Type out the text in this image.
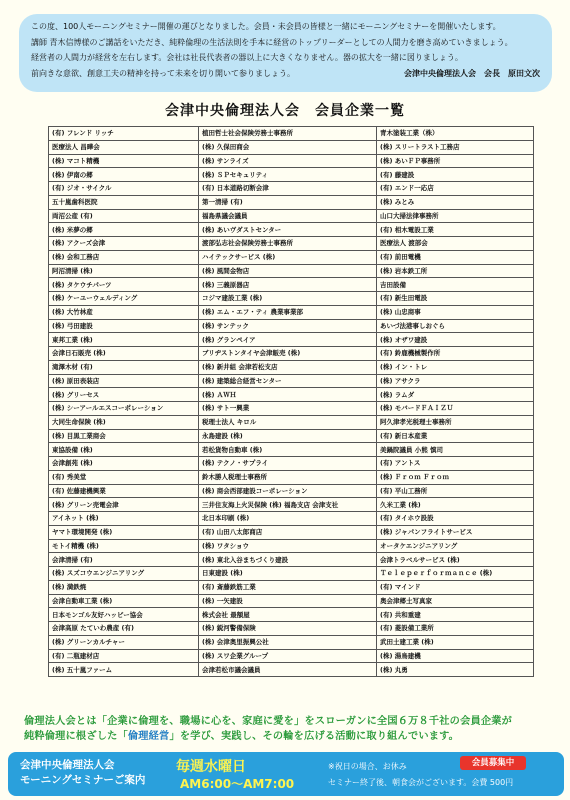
この度、100人モーニングセミナー開催の運びとなりました。会員・未会員の皆様と一緒にモーニングセミナーを開催いたします。

講師 青木信博様のご講話をいただき、純粋倫理の生活法則を手本に経営のトップリーダーとしての人間力を磨き高めていきましょう。

経営者の人間力が経営を左右します。会社は社長代表者の器以上に大きくなりません。器の拡大を一緒に図りましょう。

前向きな意欲、創意工夫の精神を持って未来を切り開いて参りましょう。	会津中央倫理法人会　会長　原田文次

会津中央倫理法人会　会員企業一覧
(有) フレンド リッチ	植田哲士社会保険労務士事務所	青木塗装工業（株）
医療法人 昌曄会	(株) 久保田商会	(株) スリートラスト工務店
(株) マコト精機	(株) サンライズ	(株) あいＦＰ事務所
(株) 伊南の郷	(株) ＳＰセキュリティ	(有) 藤建設
(有) ジオ・サイクル	(有) 日本道路切断会津	(有) エンド一応店
五十嵐歯科医院	第一清掃 (有)	(株) みとみ
両沼公産 (有)	福島県議会議員	山口大掃法律事務所
(株) 米夢の郷	(株) あいヴダストセンター	(有) 相木電設工業
(株) アクーズ会津	渡部弘志社会保険労務士事務所	医療法人 渡部会
(株) 会和工務店	ハイテックサービス (株)	(有) 前田電機
阿沼清掃 (株)	(株) 風間金物店	(株) 岩本鉄工所
(株) タケウチパーツ	(株) 三義原器店	吉田設備
(株) ケーユーウェルディング	コジマ建設工業 (株)	(有) 新生田電設
(株) 大竹林産	(株) エム・エフ・ティ 農業事業部	(株) 山忠商事
(株) 弓田建設	(株) サンテック	あいづ法港事しおぐら
東邦工業 (株)	(株) グランペイア	(株) オザワ建設
会津日石販売 (株)	ブリヂストンタイヤ会津販売 (株)	(有) 鈴鹿機械製作所
滝澤木材 (有)	(株) 新井組 会津若松支店	(株) イン・トレ
(株) 原田表装店	(株) 建築総合経営センター	(株) アサクラ
(株) グリーセス	(株) ＡＷＨ	(株) ラムダ
(株) シーアールエスコーポレーション	(株) サト一興業	(株) モバードＦＡＩＺＵ
大同生命保険 (株)	税理士法人 キロル	阿久津孝光税理士事務所
(株) 目黒工業商会	永島建設 (株)	(有) 新日本産業
東協設備 (株)	若松貨物自動車 (株)	美鍋院議員 小熊 慎司
会津創苑 (株)	(株) テクノ・サプライ	(有) アントス
(有) 秀美堂	鈴木勝人税理士事務所	(株) Ｆｒｏｍ Ｆｒｏｍ
(有) 佐藤建機興業	(株) 商会西部建設コーポレーション	(有) 平山工務所
(株) グリーン売電会津	三井住友海上火災保険 (株) 福島支店 会津支社	久米工業 (株)
アイネット (株)	北日本印刷 (株)	(有) タイホウ設設
ヤマト環境開発 (株)	(有) 山田八太郎商店	(株) ジャパンフライトサービス
モトイ精機 (株)	(株) ワタショウ	オータケエンジニアリング
会津清掃 (有)	(株) 東北入谷まちづくり建設	会津トラベルサービス (株)
(株) スズコウエンジニアリング	日東建設 (株)	Ｔｅｌｅｐｅｒｆｏｒｍａｎｃｅ (株)
(株) 満鉄焼	(有) 斎藤鉄筋工業	(有) マインド
会津自動車工業 (株)	(株) 一矢建設	奥会津郷土写真家
日本モンゴル友好ハッピー協会	株式会社 最額屋	(有) 共和重建
会津高原 たていわ農産 (有)	(株) 鋭河警備保険	(有) 菱設備工業所
(株) グリーンカルチャー	(株) 会津奥里振興公社	武田土建工業 (株)
(有) 二瓶建材店	(株) スワ企業グループ	(株) 湯鳥建機
(株) 五十嵐ファーム	会津若松市議会議員	(株) 丸勇

倫理法人会とは「企業に倫理を、職場に心を、家庭に愛を」をスローガンに全国６万８千社の会員企業が

純粋倫理に根ざした「倫理経営」を学び、実践し、その輪を広げる活動に取り組んでいます。

会津中央倫理法人会

モーニングセミナーご案内

毎週水曜日
AM6:00〜AM7:00

※祝日の場合、お休み

セミナー終了後、朝食会がございます。会費 500円

会員募集中
